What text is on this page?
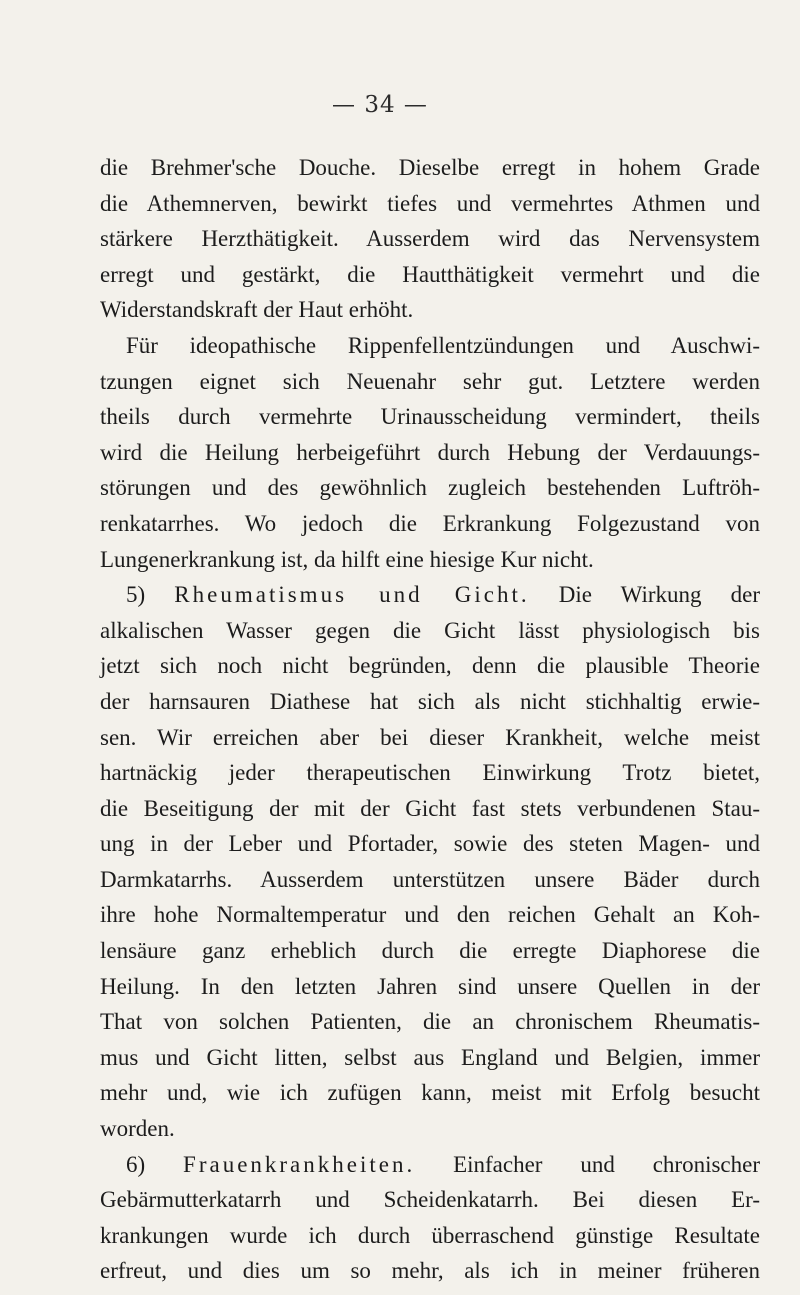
— 34 —
die Brehmer'sche Douche. Dieselbe erregt in hohem Grade
die Athemnerven, bewirkt tiefes und vermehrtes Athmen und
stärkere Herzthätigkeit. Ausserdem wird das Nervensystem
erregt und gestärkt, die Hautthätigkeit vermehrt und die
Widerstandskraft der Haut erhöht.
Für ideopathische Rippenfellentzündungen und Auschwi-
tzungen eignet sich Neuenahr sehr gut. Letztere werden
theils durch vermehrte Urinausscheidung vermindert, theils
wird die Heilung herbeigeführt durch Hebung der Verdauungs-
störungen und des gewöhnlich zugleich bestehenden Luftröh-
renkatarrhes. Wo jedoch die Erkrankung Folgezustand von
Lungenerkrankung ist, da hilft eine hiesige Kur nicht.
5) Rheumatismus und Gicht. Die Wirkung der
alkalischen Wasser gegen die Gicht lässt physiologisch bis
jetzt sich noch nicht begründen, denn die plausible Theorie
der harnsauren Diathese hat sich als nicht stichhaltig erwie-
sen. Wir erreichen aber bei dieser Krankheit, welche meist
hartnäckig jeder therapeutischen Einwirkung Trotz bietet,
die Beseitigung der mit der Gicht fast stets verbundenen Stau-
ung in der Leber und Pfortader, sowie des steten Magen- und
Darmkatarrhs. Ausserdem unterstützen unsere Bäder durch
ihre hohe Normaltemperatur und den reichen Gehalt an Koh-
lensäure ganz erheblich durch die erregte Diaphorese die
Heilung. In den letzten Jahren sind unsere Quellen in der
That von solchen Patienten, die an chronischem Rheumatis-
mus und Gicht litten, selbst aus England und Belgien, immer
mehr und, wie ich zufügen kann, meist mit Erfolg besucht
worden.
6) Frauenkrankheiten. Einfacher und chronischer
Gebärmutterkatarrh und Scheidenkatarrh. Bei diesen Er-
krankungen wurde ich durch überraschend günstige Resultate
erfreut, und dies um so mehr, als ich in meiner früheren
